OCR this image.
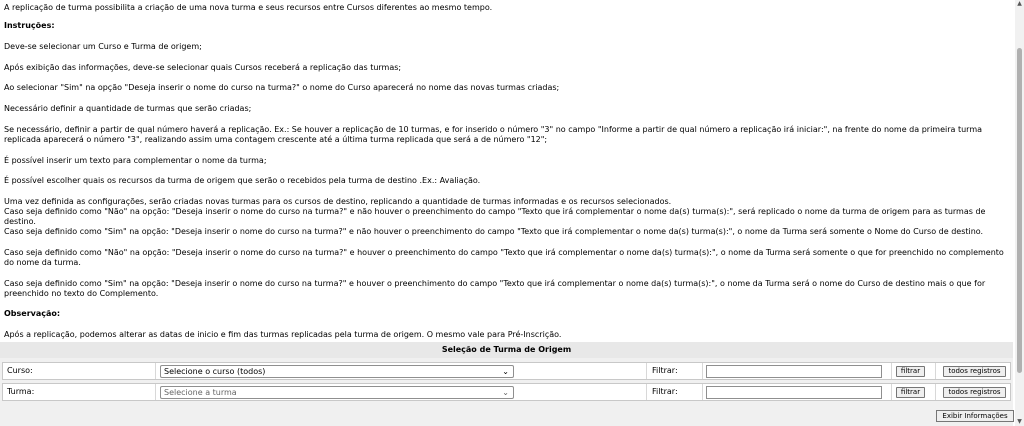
A replicação de turma possibilita a criação de uma nova turma e seus recursos entre Cursos diferentes ao mesmo tempo.

Instruções:

Deve-se selecionar um Curso e Turma de origem;

Após exibição das informações, deve-se selecionar quais Cursos receberá a replicação das turmas;

Ao selecionar "Sim" na opção "Deseja inserir o nome do curso na turma?" o nome do Curso aparecerá no nome das novas turmas criadas;

Necessário definir a quantidade de turmas que serão criadas;

Se necessário, definir a partir de qual número haverá a replicação. Ex.: Se houver a replicação de 10 turmas, e for inserido o número "3" no campo "Informe a partir de qual número a replicação irá iniciar:", na frente do nome da primeira turma replicada aparecerá o número "3", realizando assim uma contagem crescente até a última turma replicada que será a de número "12";

É possível inserir um texto para complementar o nome da turma;

É possível escolher quais os recursos da turma de origem que serão o recebidos pela turma de destino .Ex.: Avaliação.

Uma vez definida as configurações, serão criadas novas turmas para os cursos de destino, replicando a quantidade de turmas informadas e os recursos selecionados.

Caso seja definido como "Não" na opção: "Deseja inserir o nome do curso na turma?" e não houver o preenchimento do campo "Texto que irá complementar o nome da(s) turma(s):", será replicado o nome da turma de origem para as turmas de destino.

Caso seja definido como "Sim" na opção: "Deseja inserir o nome do curso na turma?" e não houver o preenchimento do campo "Texto que irá complementar o nome da(s) turma(s):", o nome da Turma será somente o Nome do Curso de destino.

Caso seja definido como "Não" na opção: "Deseja inserir o nome do curso na turma?" e houver o preenchimento do campo "Texto que irá complementar o nome da(s) turma(s):", o nome da Turma será somente o que for preenchido no complemento do nome da turma.

Caso seja definido como "Sim" na opção: "Deseja inserir o nome do curso na turma?" e houver o preenchimento do campo "Texto que irá complementar o nome da(s) turma(s):", o nome da Turma será o nome do Curso de destino mais o que for preenchido no texto do Complemento.

Observação:

Após a replicação, podemos alterar as datas de inicio e fim das turmas replicadas pela turma de origem. O mesmo vale para Pré-Inscrição.

Seleção de Turma de Origem
Curso:	Selecione o curso (todos)	⌄	Filtrar:	filtrar	todos registros
Turma:	Selecione a turma	⌄	Filtrar:	filtrar	todos registros
Exibir Informações
▲
▼
